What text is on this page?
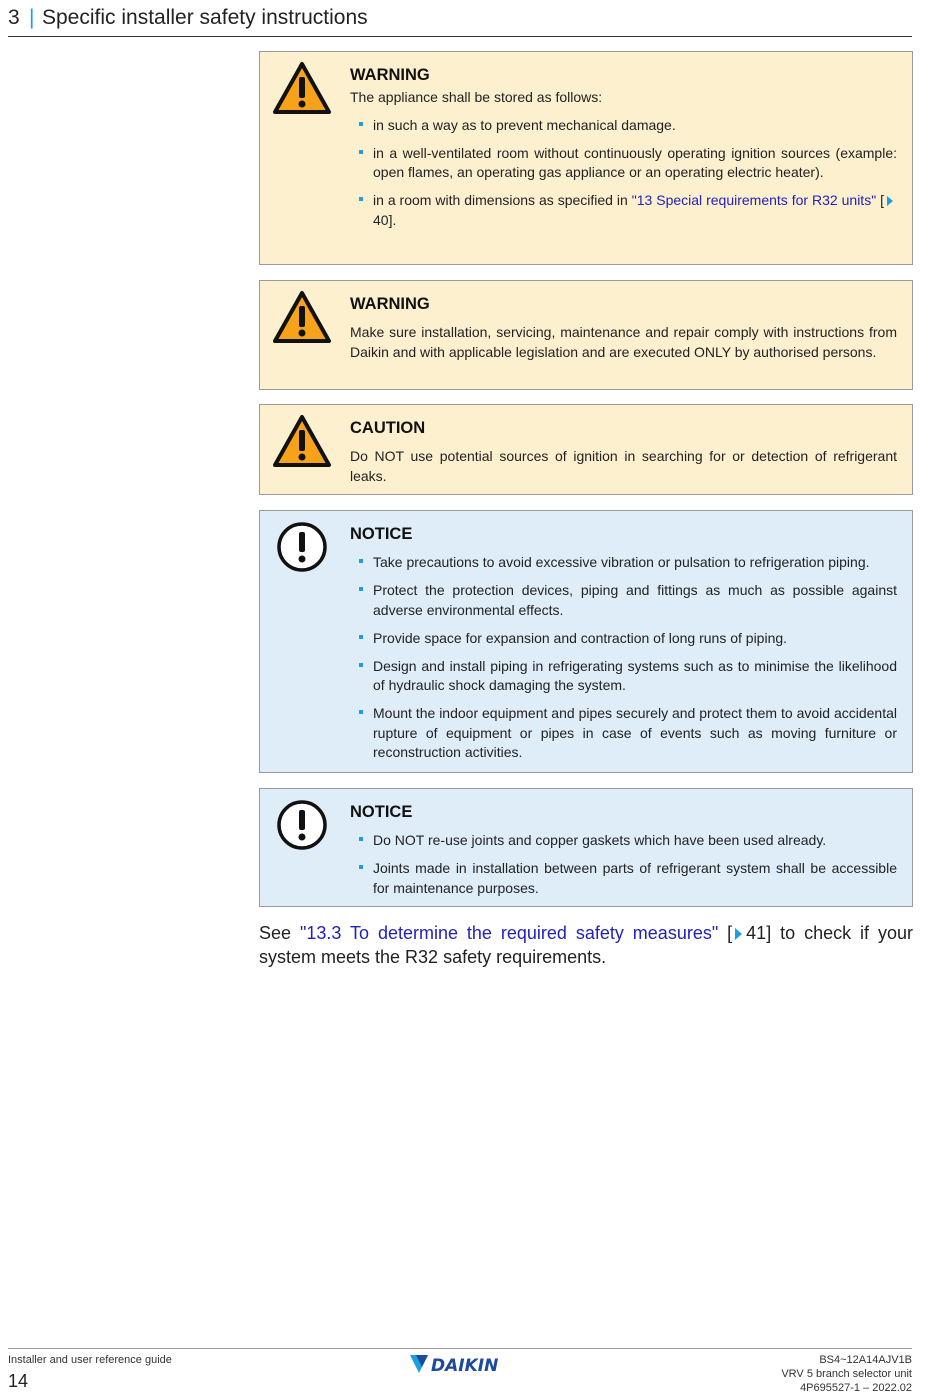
3 | Specific installer safety instructions
WARNING

The appliance shall be stored as follows:

in such a way as to prevent mechanical damage.
in a well-ventilated room without continuously operating ignition sources (example: open flames, an operating gas appliance or an operating electric heater).
in a room with dimensions as specified in "13 Special requirements for R32 units" [40].
WARNING

Make sure installation, servicing, maintenance and repair comply with instructions from Daikin and with applicable legislation and are executed ONLY by authorised persons.

CAUTION

Do NOT use potential sources of ignition in searching for or detection of refrigerant leaks.

NOTICE
Take precautions to avoid excessive vibration or pulsation to refrigeration piping.
Protect the protection devices, piping and fittings as much as possible against adverse environmental effects.
Provide space for expansion and contraction of long runs of piping.
Design and install piping in refrigerating systems such as to minimise the likelihood of hydraulic shock damaging the system.
Mount the indoor equipment and pipes securely and protect them to avoid accidental rupture of equipment or pipes in case of events such as moving furniture or reconstruction activities.
NOTICE
Do NOT re-use joints and copper gaskets which have been used already.
Joints made in installation between parts of refrigerant system shall be accessible for maintenance purposes.
See "13.3 To determine the required safety measures" [ 41] to check if your system meets the R32 safety requirements.
Installer and user reference guide
14
DAIKIN	BS4~12A14AJV1B
VRV 5 branch selector unit
4P695527-1 – 2022.02
